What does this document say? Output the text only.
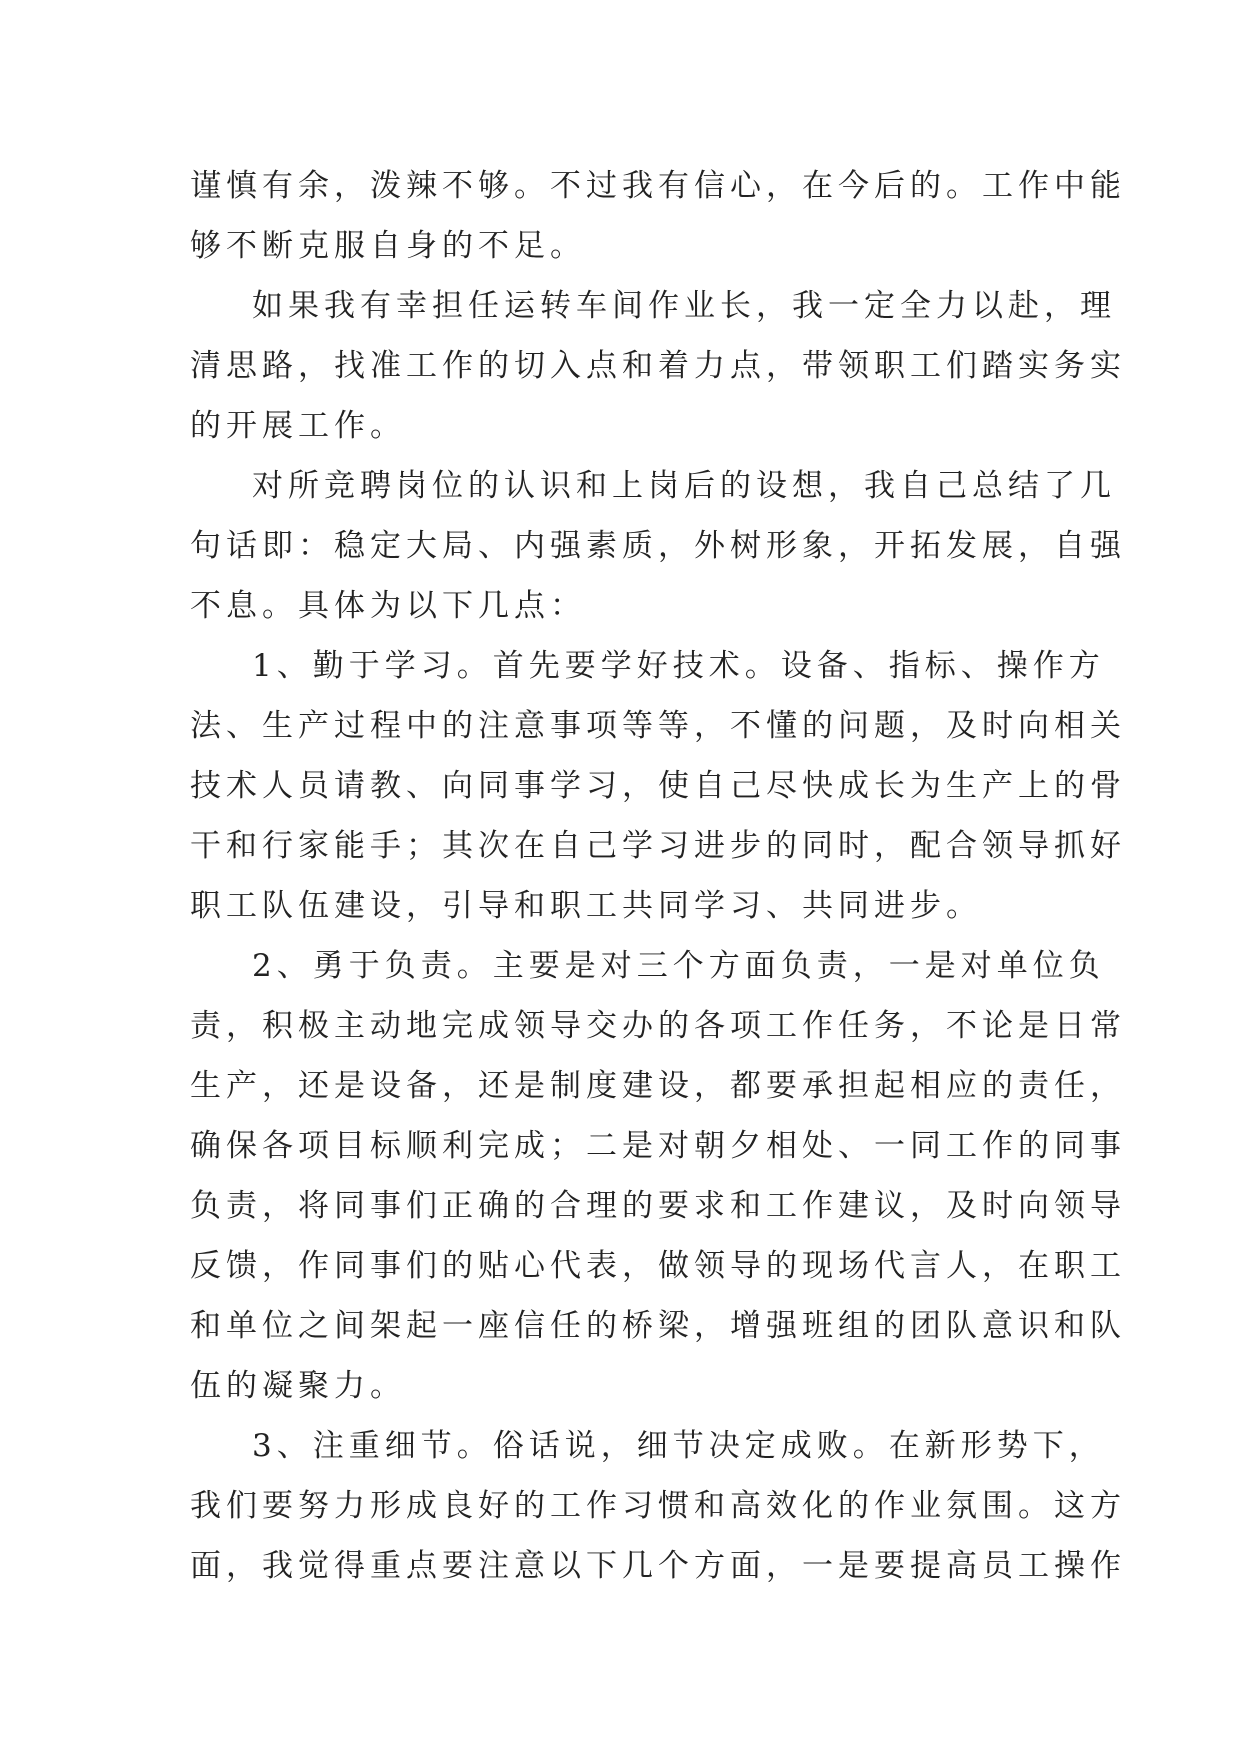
谨慎有余，泼辣不够。不过我有信心，在今后的。工作中能
够不断克服自身的不足。
如果我有幸担任运转车间作业长，我一定全力以赴，理
清思路，找准工作的切入点和着力点，带领职工们踏实务实
的开展工作。
对所竞聘岗位的认识和上岗后的设想，我自己总结了几
句话即：稳定大局、内强素质，外树形象，开拓发展，自强
不息。具体为以下几点：
1、勤于学习。首先要学好技术。设备、指标、操作方
法、生产过程中的注意事项等等，不懂的问题，及时向相关
技术人员请教、向同事学习，使自己尽快成长为生产上的骨
干和行家能手；其次在自己学习进步的同时，配合领导抓好
职工队伍建设，引导和职工共同学习、共同进步。
2、勇于负责。主要是对三个方面负责，一是对单位负
责，积极主动地完成领导交办的各项工作任务，不论是日常
生产，还是设备，还是制度建设，都要承担起相应的责任，
确保各项目标顺利完成；二是对朝夕相处、一同工作的同事
负责，将同事们正确的合理的要求和工作建议，及时向领导
反馈，作同事们的贴心代表，做领导的现场代言人，在职工
和单位之间架起一座信任的桥梁，增强班组的团队意识和队
伍的凝聚力。
3、注重细节。俗话说，细节决定成败。在新形势下，
我们要努力形成良好的工作习惯和高效化的作业氛围。这方
面，我觉得重点要注意以下几个方面，一是要提高员工操作
